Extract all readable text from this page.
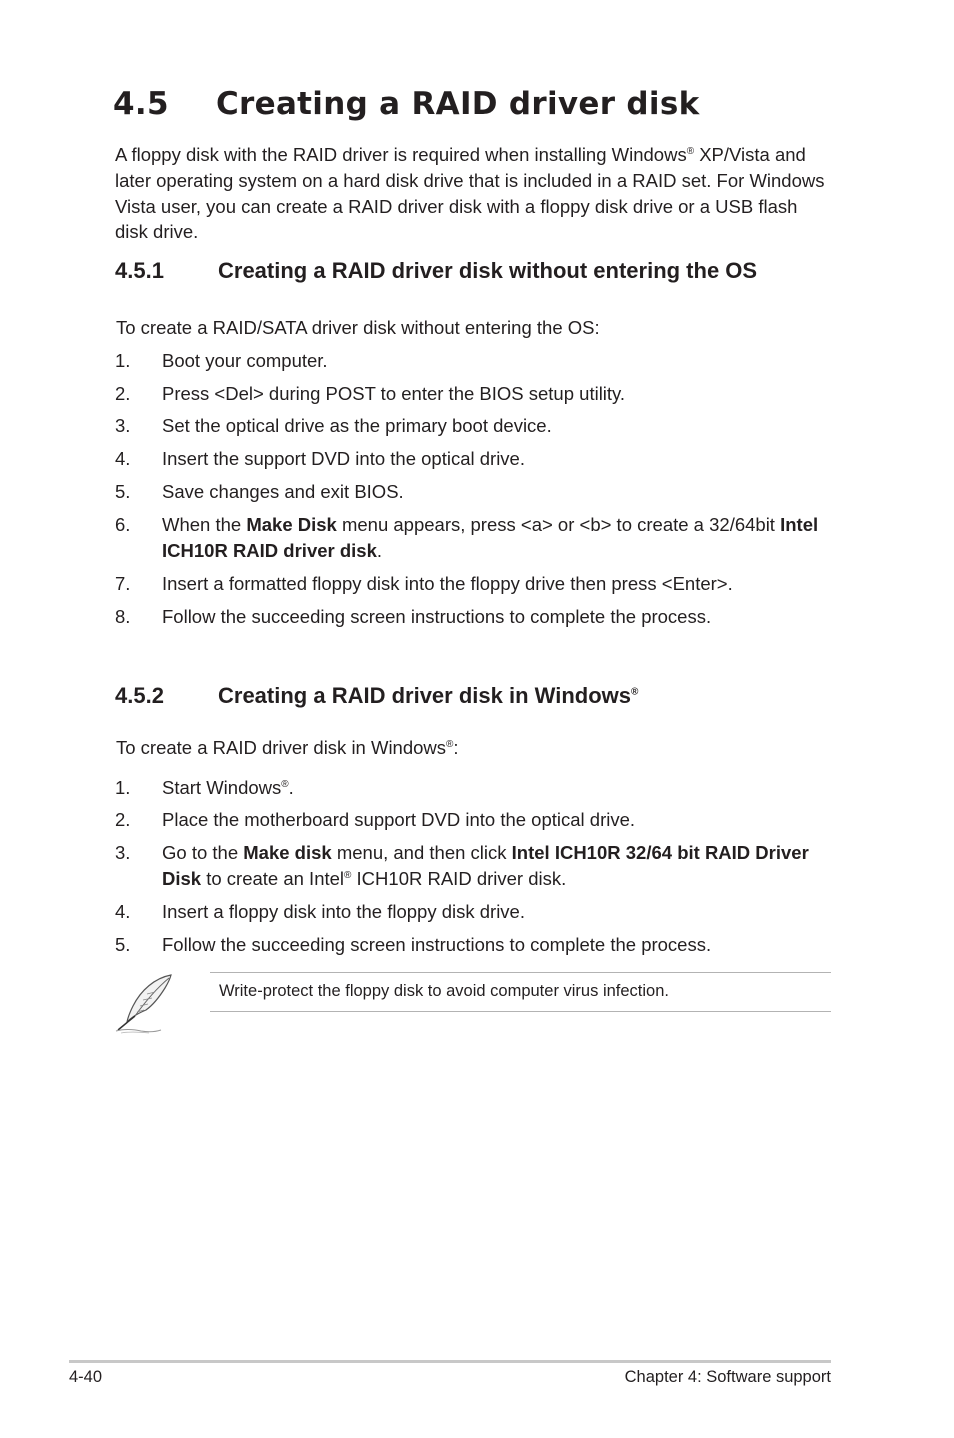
4.5 Creating a RAID driver disk

A floppy disk with the RAID driver is required when installing Windows® XP/Vista and later operating system on a hard disk drive that is included in a RAID set. For Windows Vista user, you can create a RAID driver disk with a floppy disk drive or a USB flash disk drive.

4.5.1 Creating a RAID driver disk without entering the OS

To create a RAID/SATA driver disk without entering the OS:

1. Boot your computer.
2. Press <Del> during POST to enter the BIOS setup utility.
3. Set the optical drive as the primary boot device.
4. Insert the support DVD into the optical drive.
5. Save changes and exit BIOS.
6. When the Make Disk menu appears, press <a> or <b> to create a 32/64bit Intel ICH10R RAID driver disk.
7. Insert a formatted floppy disk into the floppy drive then press <Enter>.
8. Follow the succeeding screen instructions to complete the process.
4.5.2 Creating a RAID driver disk in Windows®

To create a RAID driver disk in Windows®:

1. Start Windows®.
2. Place the motherboard support DVD into the optical drive.
3. Go to the Make disk menu, and then click Intel ICH10R 32/64 bit RAID Driver Disk to create an Intel® ICH10R RAID driver disk.
4. Insert a floppy disk into the floppy disk drive.
5. Follow the succeeding screen instructions to complete the process.

Write-protect the floppy disk to avoid computer virus infection.

4-40	Chapter 4: Software support
